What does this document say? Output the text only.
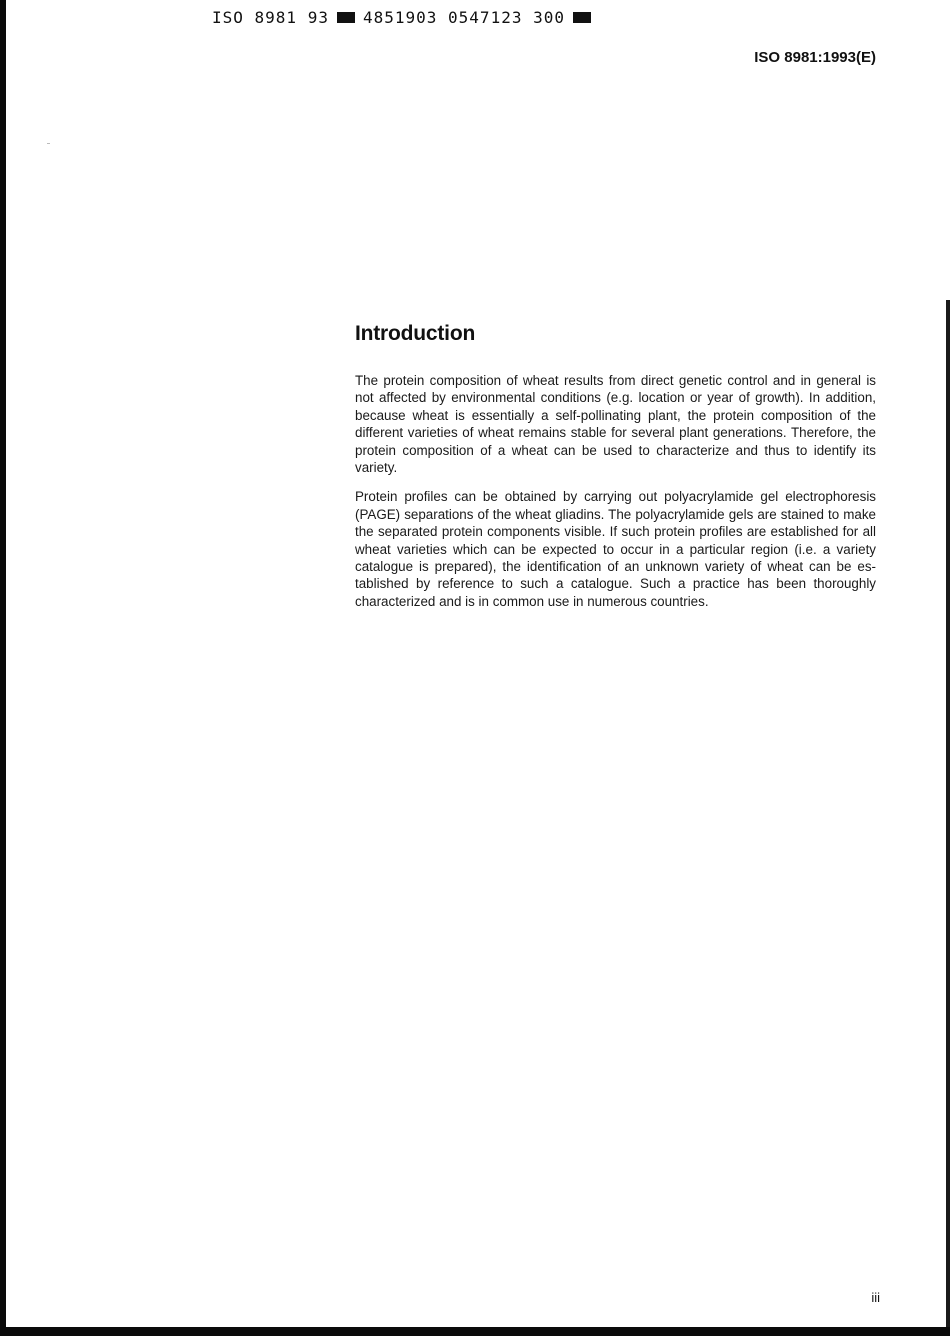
ISO 8981 93 4851903 0547123 300
ISO 8981:1993(E)
Introduction

The protein composition of wheat results from direct genetic control and in general is not affected by environmental conditions (e.g. location or year of growth). In addition, because wheat is essentially a self-pollinating plant, the protein composition of the different varieties of wheat remains stable for several plant generations. Therefore, the protein composition of a wheat can be used to characterize and thus to identify its variety.

Protein profiles can be obtained by carrying out polyacrylamide gel electrophoresis (PAGE) separations of the wheat gliadins. The polyacrylamide gels are stained to make the separated protein components visible. If such protein profiles are established for all wheat varieties which can be expected to occur in a particular region (i.e. a variety catalogue is prepared), the identification of an unknown variety of wheat can be established by reference to such a catalogue. Such a practice has been thoroughly characterized and is in common use in numerous countries.

iii
